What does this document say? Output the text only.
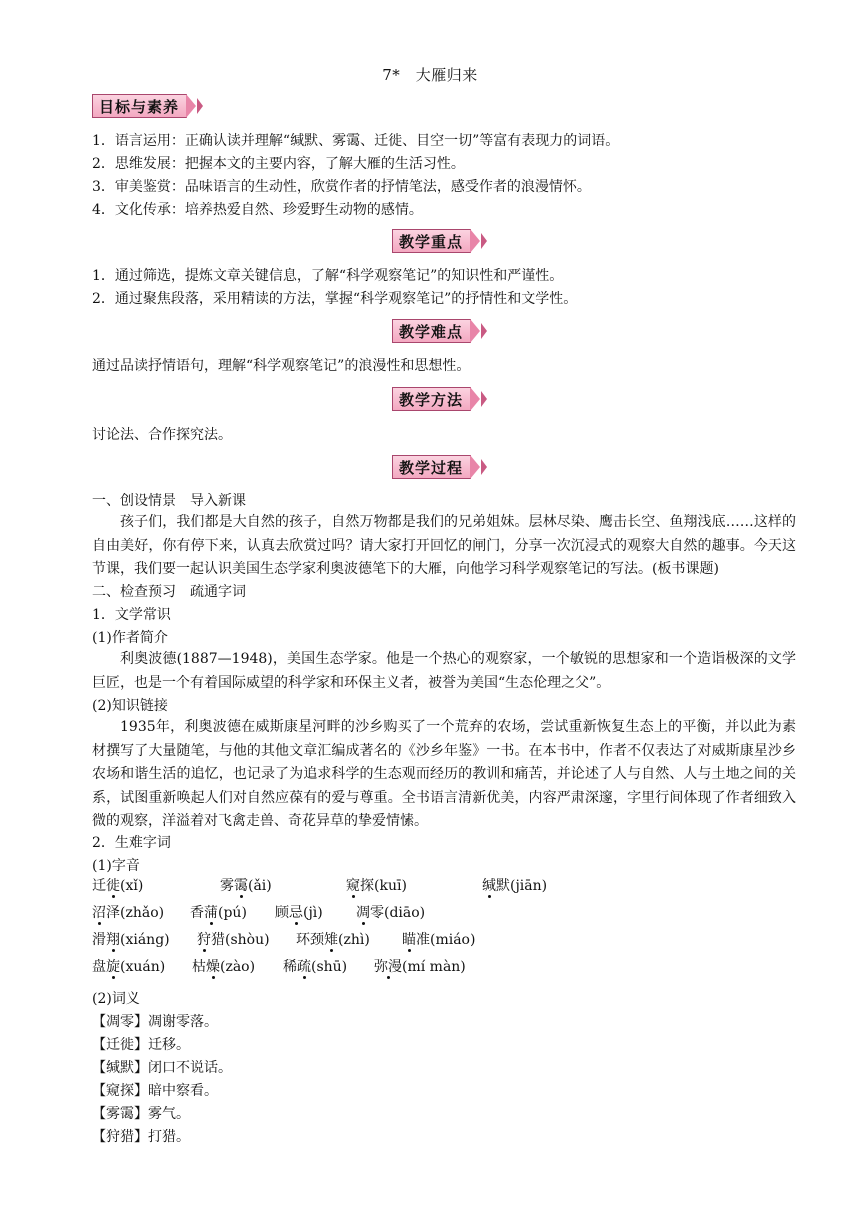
7*　大雁归来
目标与素养
1．语言运用：正确认读并理解“缄默、雾霭、迁徙、目空一切”等富有表现力的词语。
2．思维发展：把握本文的主要内容，了解大雁的生活习性。
3．审美鉴赏：品味语言的生动性，欣赏作者的抒情笔法，感受作者的浪漫情怀。
4．文化传承：培养热爱自然、珍爱野生动物的感情。
教学重点
1．通过筛选，提炼文章关键信息，了解“科学观察笔记”的知识性和严谨性。
2．通过聚焦段落，采用精读的方法，掌握“科学观察笔记”的抒情性和文学性。
教学难点
通过品读抒情语句，理解“科学观察笔记”的浪漫性和思想性。
教学方法
讨论法、合作探究法。
教学过程
一、创设情景　导入新课
孩子们，我们都是大自然的孩子，自然万物都是我们的兄弟姐妹。层林尽染、鹰击长空、鱼翔浅底……这样的自由美好，你有停下来，认真去欣赏过吗？请大家打开回忆的闸门，分享一次沉浸式的观察大自然的趣事。今天这节课，我们要一起认识美国生态学家利奥波德笔下的大雁，向他学习科学观察笔记的写法。(板书课题)
二、检查预习　疏通字词
1．文学常识
(1)作者简介
利奥波德(1887—1948)，美国生态学家。他是一个热心的观察家，一个敏锐的思想家和一个造诣极深的文学巨匠，也是一个有着国际威望的科学家和环保主义者，被誉为美国“生态伦理之父”。
(2)知识链接
1935年，利奥波德在威斯康星河畔的沙乡购买了一个荒弃的农场，尝试重新恢复生态上的平衡，并以此为素材撰写了大量随笔，与他的其他文章汇编成著名的《沙乡年鉴》一书。在本书中，作者不仅表达了对威斯康星沙乡农场和谐生活的追忆，也记录了为追求科学的生态观而经历的教训和痛苦，并论述了人与自然、人与土地之间的关系，试图重新唤起人们对自然应葆有的爱与尊重。全书语言清新优美，内容严肃深邃，字里行间体现了作者细致入微的观察，洋溢着对飞禽走兽、奇花异草的挚爱情愫。
2．生难字词
(1)字音
迁徙(xǐ)	雾霭(ǎi)	窥探(kuī)	缄默(jiān)
沼泽(zhǎo) 香蒲(pú) 顾忌(jì) 凋零(diāo)
滑翔(xiáng) 狩猎(shòu) 环颈雉(zhì) 瞄准(miáo)
盘旋(xuán) 枯燥(zào) 稀疏(shū) 弥漫(mí màn)
(2)词义
【凋零】凋谢零落。
【迁徙】迁移。
【缄默】闭口不说话。
【窥探】暗中察看。
【雾霭】雾气。
【狩猎】打猎。
